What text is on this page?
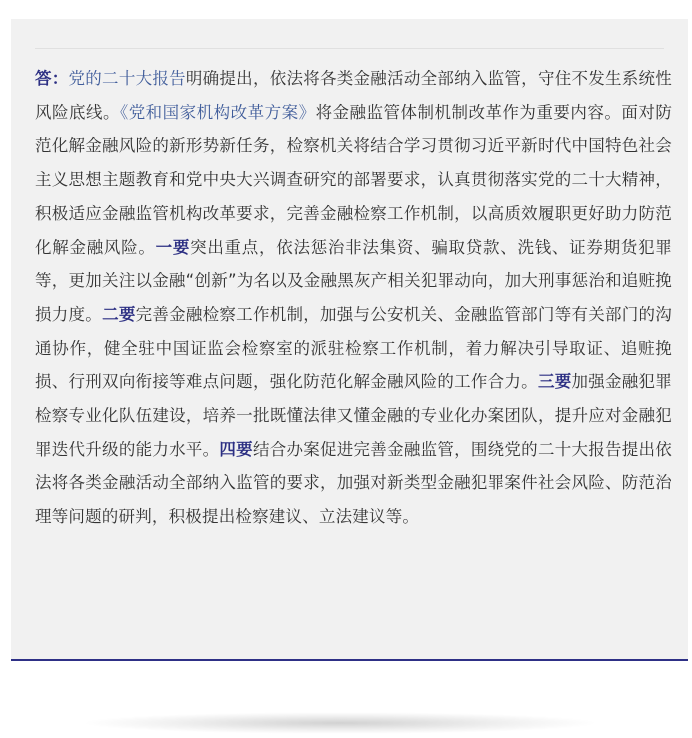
答：党的二十大报告明确提出，依法将各类金融活动全部纳入监管，守住不发生系统性风险底线。《党和国家机构改革方案》将金融监管体制机制改革作为重要内容。面对防范化解金融风险的新形势新任务，检察机关将结合学习贯彻习近平新时代中国特色社会主义思想主题教育和党中央大兴调查研究的部署要求，认真贯彻落实党的二十大精神，积极适应金融监管机构改革要求，完善金融检察工作机制，以高质效履职更好助力防范化解金融风险。一要突出重点，依法惩治非法集资、骗取贷款、洗钱、证券期货犯罪等，更加关注以金融“创新”为名以及金融黑灰产相关犯罪动向，加大刑事惩治和追赃挽损力度。二要完善金融检察工作机制，加强与公安机关、金融监管部门等有关部门的沟通协作，健全驻中国证监会检察室的派驻检察工作机制，着力解决引导取证、追赃挽损、行刑双向衔接等难点问题，强化防范化解金融风险的工作合力。三要加强金融犯罪检察专业化队伍建设，培养一批既懂法律又懂金融的专业化办案团队，提升应对金融犯罪迭代升级的能力水平。四要结合办案促进完善金融监管，围绕党的二十大报告提出依法将各类金融活动全部纳入监管的要求，加强对新类型金融犯罪案件社会风险、防范治理等问题的研判，积极提出检察建议、立法建议等。
